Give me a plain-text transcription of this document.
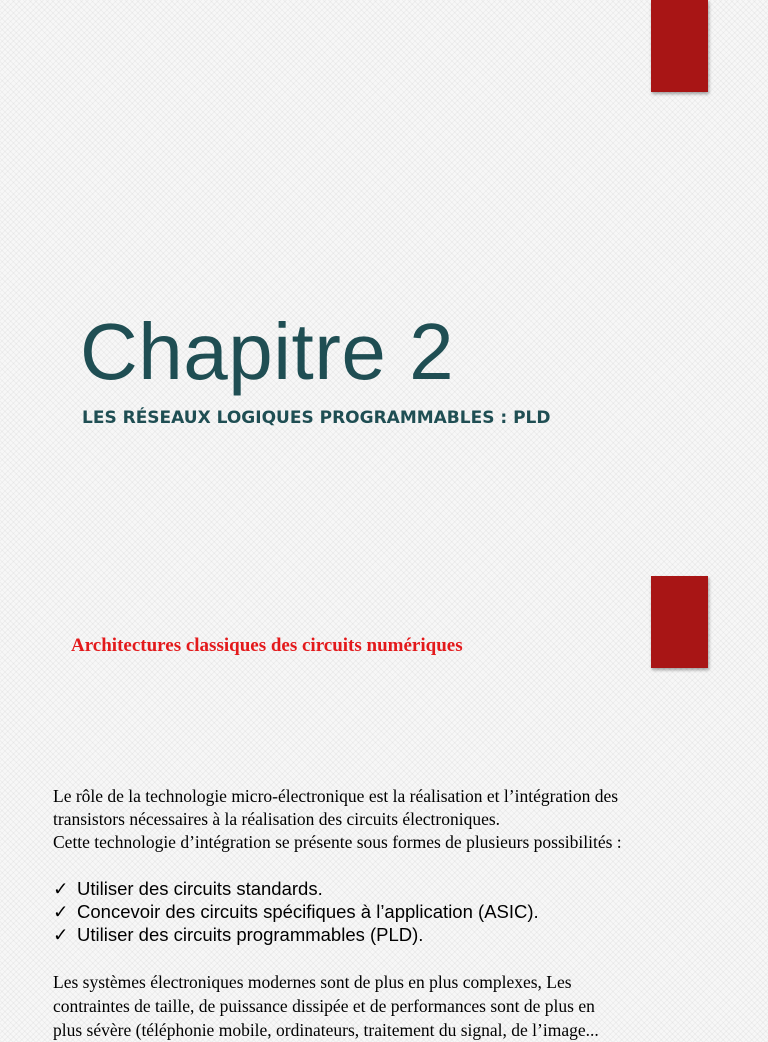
Chapitre 2
LES RÉSEAUX LOGIQUES PROGRAMMABLES : PLD
Architectures classiques des circuits numériques

Le rôle de la technologie micro-électronique est la réalisation et l’intégration des
transistors nécessaires à la réalisation des circuits électroniques.
Cette technologie d’intégration se présente sous formes de plusieurs possibilités :

✓ Utiliser des circuits standards.
✓ Concevoir des circuits spécifiques à l’application (ASIC).
✓ Utiliser des circuits programmables (PLD).

Les systèmes électroniques modernes sont de plus en plus complexes, Les
contraintes de taille, de puissance dissipée et de performances sont de plus en
plus sévère (téléphonie mobile, ordinateurs, traitement du signal, de l’image...
